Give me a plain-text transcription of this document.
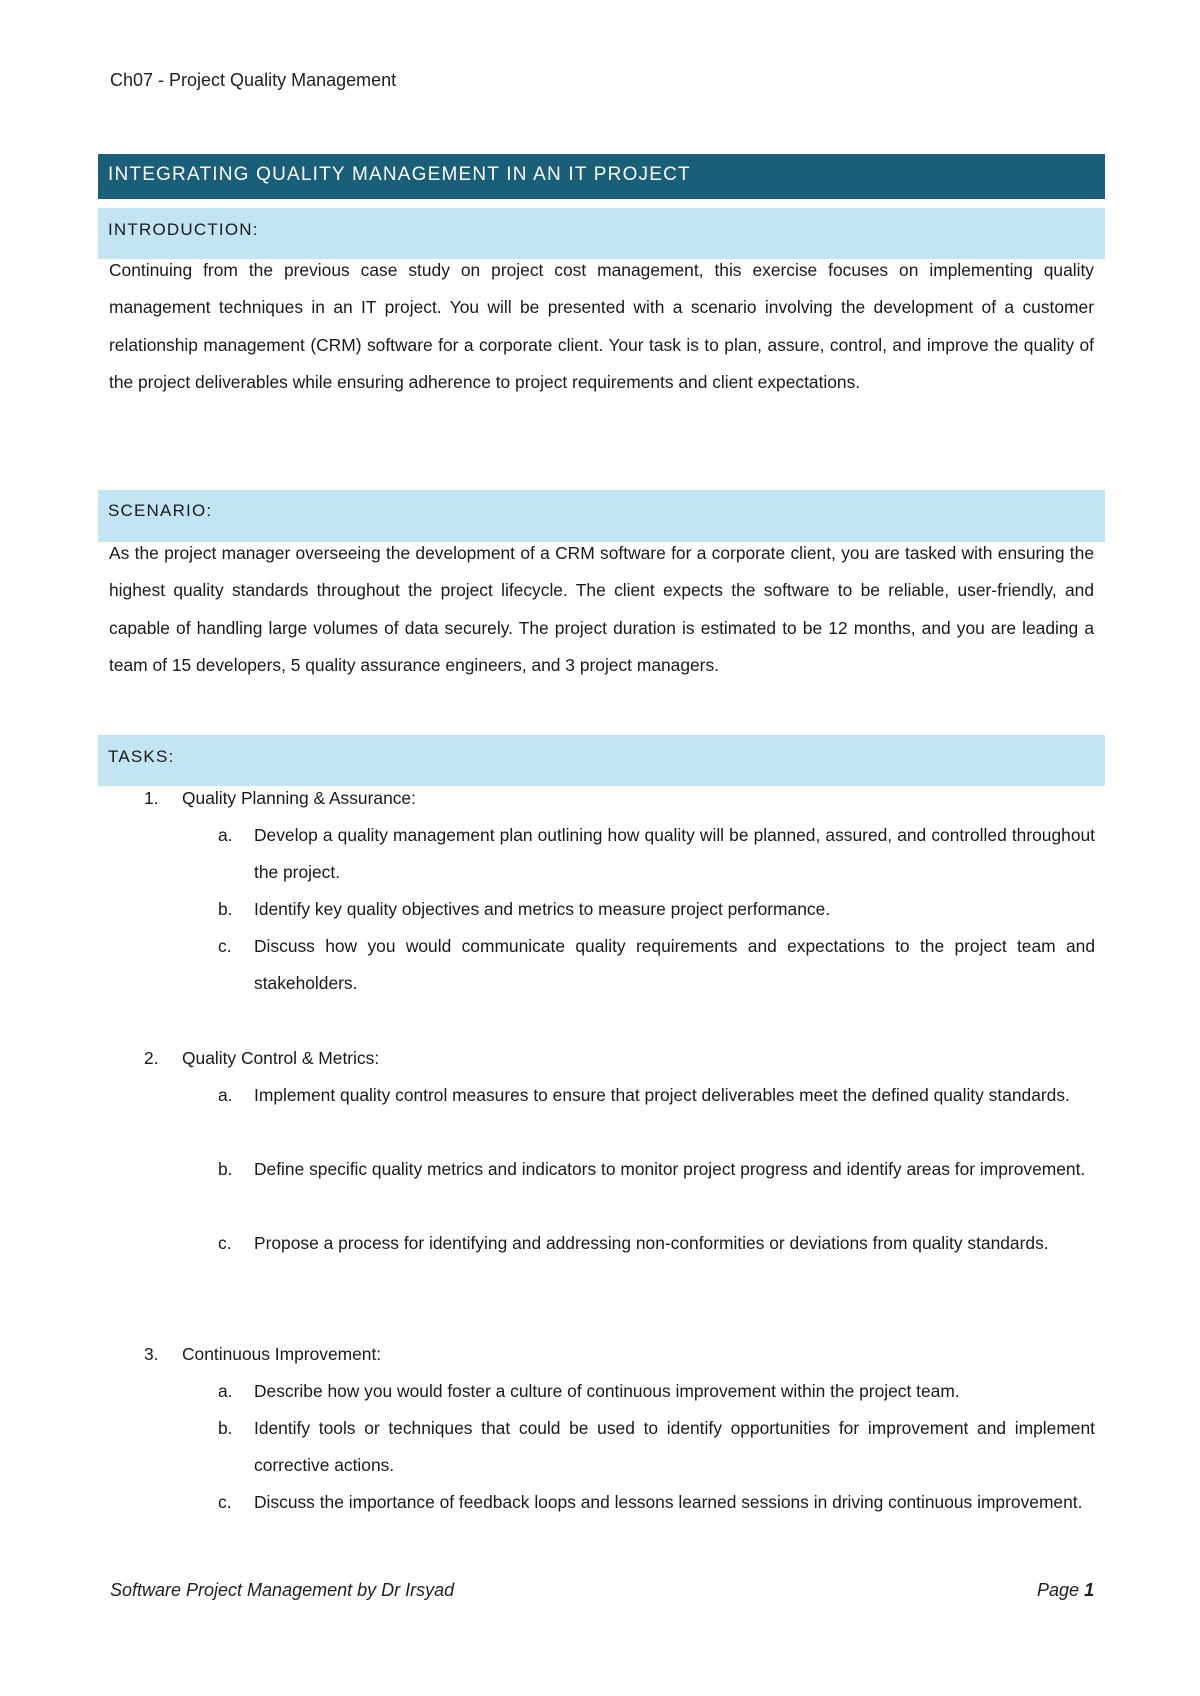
Ch07 - Project Quality Management
INTEGRATING QUALITY MANAGEMENT IN AN IT PROJECT
INTRODUCTION:
Continuing from the previous case study on project cost management, this exercise focuses on implementing quality management techniques in an IT project. You will be presented with a scenario involving the development of a customer relationship management (CRM) software for a corporate client. Your task is to plan, assure, control, and improve the quality of the project deliverables while ensuring adherence to project requirements and client expectations.
SCENARIO:
As the project manager overseeing the development of a CRM software for a corporate client, you are tasked with ensuring the highest quality standards throughout the project lifecycle. The client expects the software to be reliable, user-friendly, and capable of handling large volumes of data securely. The project duration is estimated to be 12 months, and you are leading a team of 15 developers, 5 quality assurance engineers, and 3 project managers.
TASKS:
1. Quality Planning & Assurance:
a. Develop a quality management plan outlining how quality will be planned, assured, and controlled throughout the project.
b. Identify key quality objectives and metrics to measure project performance.
c. Discuss how you would communicate quality requirements and expectations to the project team and stakeholders.
2. Quality Control & Metrics:
a. Implement quality control measures to ensure that project deliverables meet the defined quality standards.
b. Define specific quality metrics and indicators to monitor project progress and identify areas for improvement.
c. Propose a process for identifying and addressing non-conformities or deviations from quality standards.
3. Continuous Improvement:
a. Describe how you would foster a culture of continuous improvement within the project team.
b. Identify tools or techniques that could be used to identify opportunities for improvement and implement corrective actions.
c. Discuss the importance of feedback loops and lessons learned sessions in driving continuous improvement.
Software Project Management by Dr Irsyad	Page 1
